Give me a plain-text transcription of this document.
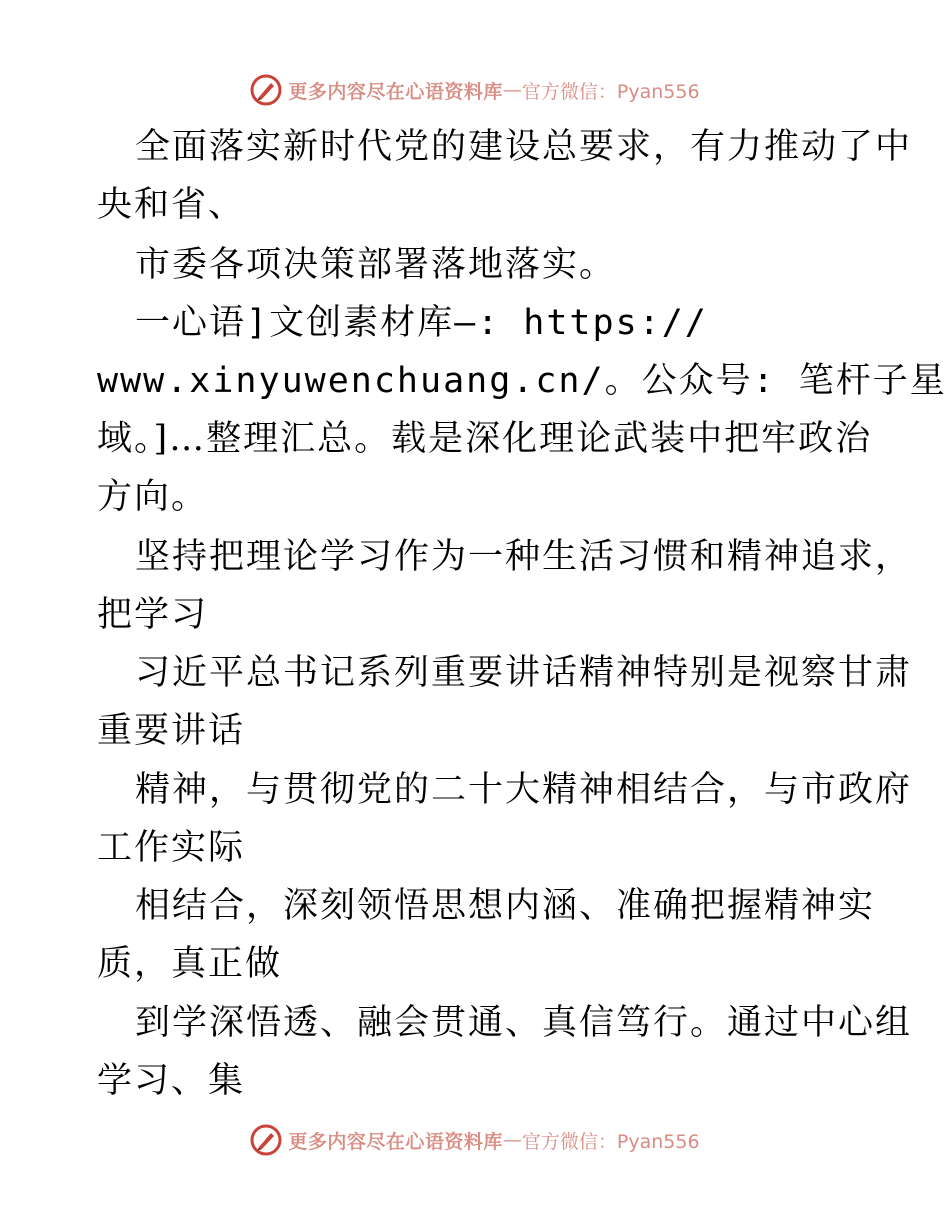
更多内容尽在心语资料库 — 官方微信：Pyan556
全面落实新时代党的建设总要求，有力推动了中
央和省、
市委各项决策部署落地落实。
一心语]文创素材库—: https://
www.xinyuwenchuang.cn/。公众号: 笔杆子星
域。]…整理汇总。载是深化理论武装中把牢政治
方向。
坚持把理论学习作为一种生活习惯和精神追求，
把学习
习近平总书记系列重要讲话精神特别是视察甘肃
重要讲话
精神，与贯彻党的二十大精神相结合，与市政府
工作实际
相结合，深刻领悟思想内涵、准确把握精神实
质，真正做
到学深悟透、融会贯通、真信笃行。通过中心组
学习、集
更多内容尽在心语资料库 — 官方微信：Pyan556
